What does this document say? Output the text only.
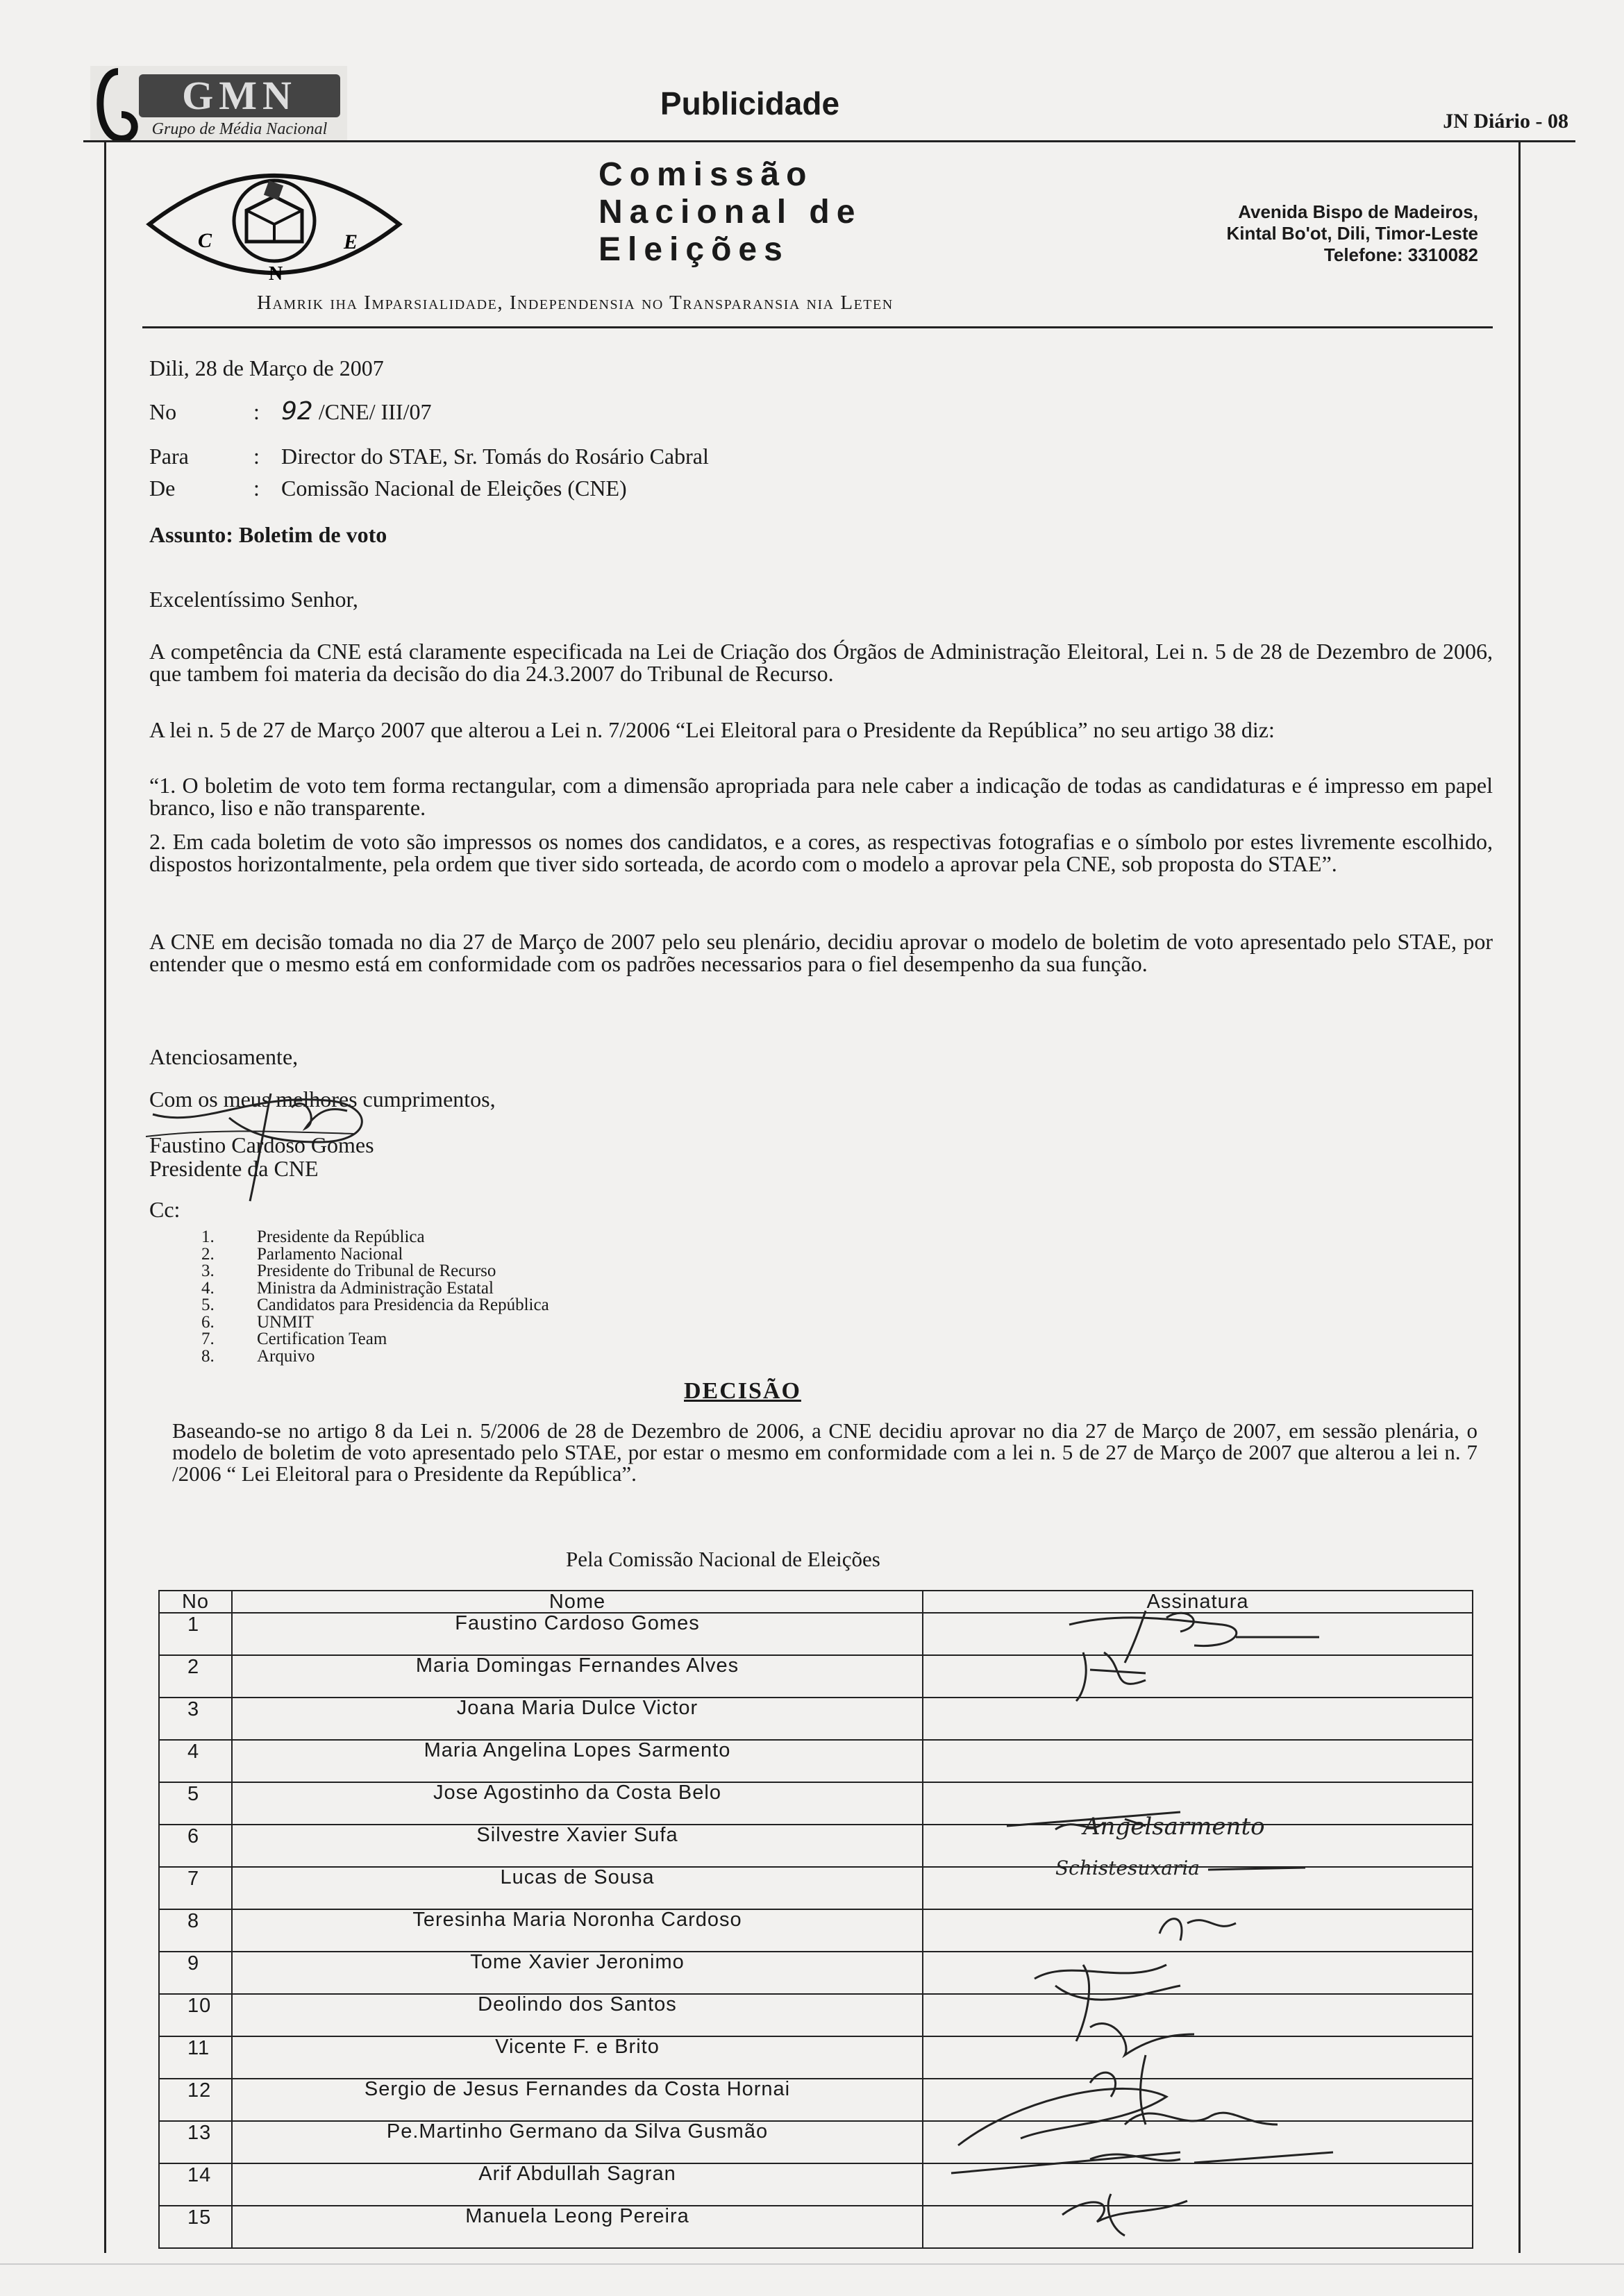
GMN
Grupo de Média Nacional
Publicidade	JN Diário - 08
C
N
E
Comissão
Nacional de
Eleições
Avenida Bispo de Madeiros,
Kintal Bo'ot, Dili, Timor-Leste
Telefone: 3310082
Hamrik iha Imparsialidade, Independensia no Transparansia nia Leten
Dili, 28 de Março de 2007
No	: 92 /CNE/ III/07
Para	: Director do STAE, Sr. Tomás do Rosário Cabral
De	: Comissão Nacional de Eleições (CNE)
Assunto: Boletim de voto
Excelentíssimo Senhor,
A competência da CNE está claramente especificada na Lei de Criação dos Órgãos de Administração Eleitoral, Lei n. 5 de 28 de Dezembro de 2006, que tambem foi materia da decisão do dia 24.3.2007 do Tribunal de Recurso.
A lei n. 5 de 27 de Março 2007 que alterou a Lei n. 7/2006 “Lei Eleitoral para o Presidente da República” no seu artigo 38 diz:
“1. O boletim de voto tem forma rectangular, com a dimensão apropriada para nele caber a indicação de todas as candidaturas e é impresso em papel branco, liso e não transparente.
2. Em cada boletim de voto são impressos os nomes dos candidatos, e a cores, as respectivas fotografias e o símbolo por estes livremente escolhido, dispostos horizontalmente, pela ordem que tiver sido sorteada, de acordo com o modelo a aprovar pela CNE, sob proposta do STAE”.
A CNE em decisão tomada no dia 27 de Março de 2007 pelo seu plenário, decidiu aprovar o modelo de boletim de voto apresentado pelo STAE, por entender que o mesmo está em conformidade com os padrões necessarios para o fiel desempenho da sua função.
Atenciosamente,
Com os meus melhores cumprimentos,
Faustino Cardoso Gomes
Presidente da CNE
Cc:
1. Presidente da República
2. Parlamento Nacional
3. Presidente do Tribunal de Recurso
4. Ministra da Administração Estatal
5. Candidatos para Presidencia da República
6. UNMIT
7. Certification Team
8. Arquivo
DECISÃO
Baseando-se no artigo 8 da Lei n. 5/2006 de 28 de Dezembro de 2006, a CNE decidiu aprovar no dia 27 de Março de 2007, em sessão plenária, o modelo de boletim de voto apresentado pelo STAE, por estar o mesmo em conformidade com a lei n. 5 de 27 de Março de 2007 que alterou a lei n. 7 /2006 “ Lei Eleitoral para o Presidente da República”.
Pela Comissão Nacional de Eleições
No	Nome	Assinatura
1	Faustino Cardoso Gomes	
2	Maria Domingas Fernandes Alves	
3	Joana Maria Dulce Victor	
4	Maria Angelina Lopes Sarmento	
5	Jose Agostinho da Costa Belo	
6	Silvestre Xavier Sufa	
7	Lucas de Sousa	
8	Teresinha Maria Noronha Cardoso	
9	Tome Xavier Jeronimo	
10	Deolindo dos Santos	
11	Vicente F. e Brito	
12	Sergio de Jesus Fernandes da Costa Hornai	
13	Pe.Martinho Germano da Silva Gusmão	
14	Arif Abdullah Sagran	
15	Manuela Leong Pereira	
Angelsarmento
Schistesuxaria
